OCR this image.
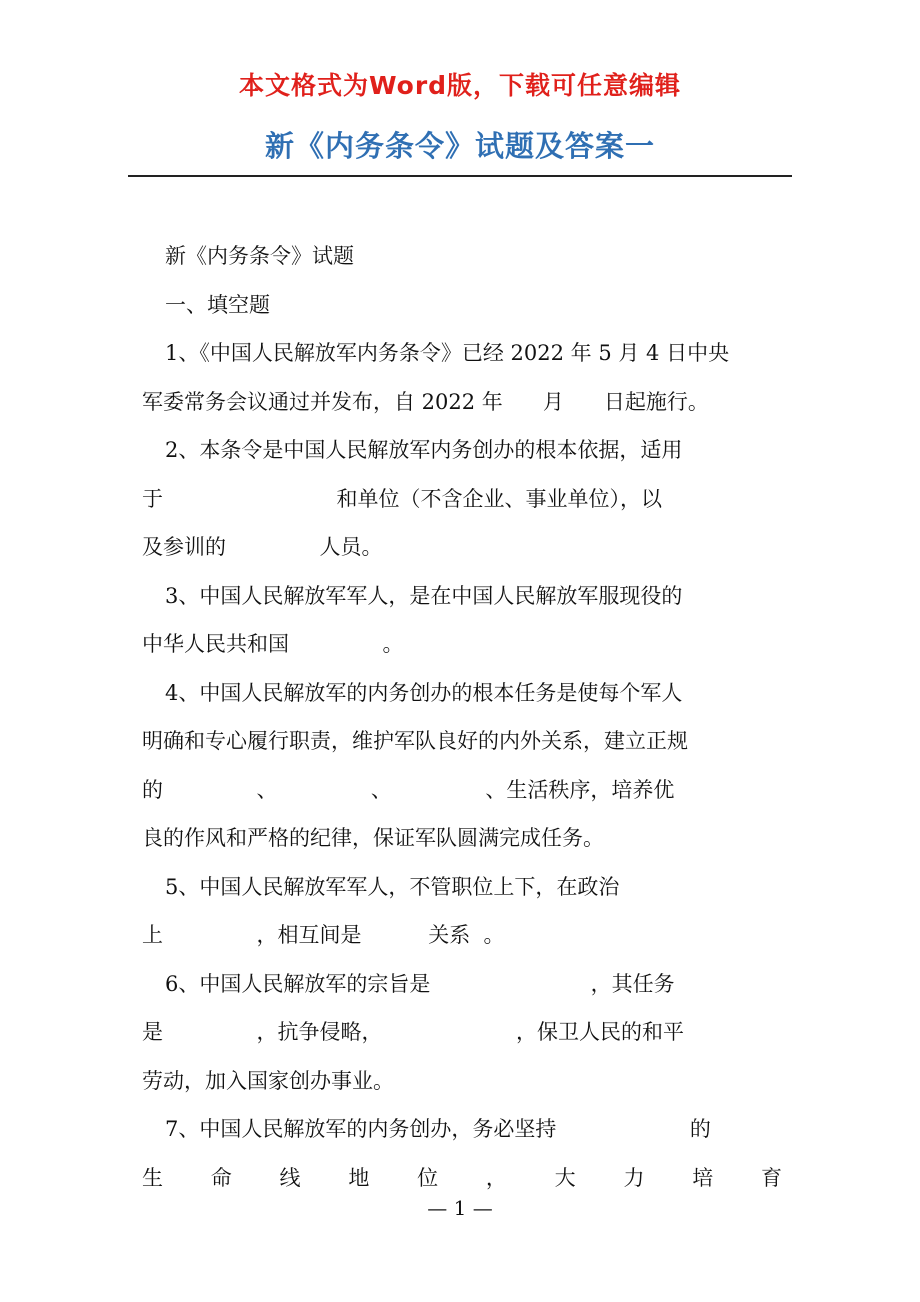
本文格式为Word版，下载可任意编辑
新《内务条令》试题及答案一
新《内务条令》试题
一、填空题
1、《中国人民解放军内务条令》已经 2022 年 5 月 4 日中央
军委常务会议通过并发布，自 2022 年      月      日起施行。
2、本条令是中国人民解放军内务创办的根本依据，适用
于                          和单位（不含企业、事业单位），以
及参训的              人员。
3、中国人民解放军军人，是在中国人民解放军服现役的
中华人民共和国              。
4、中国人民解放军的内务创办的根本任务是使每个军人
明确和专心履行职责，维护军队良好的内外关系，建立正规
的              、              、              、生活秩序，培养优
良的作风和严格的纪律，保证军队圆满完成任务。
5、中国人民解放军军人，不管职位上下，在政治
上              ，相互间是          关系  。
6、中国人民解放军的宗旨是                        ，其任务
是              ，抗争侵略，                    ，保卫人民的和平
劳动，加入国家创办事业。
7、中国人民解放军的内务创办，务必坚持                    的
生 命 线 地 位 ， 大 力 培 育
— 1 —
